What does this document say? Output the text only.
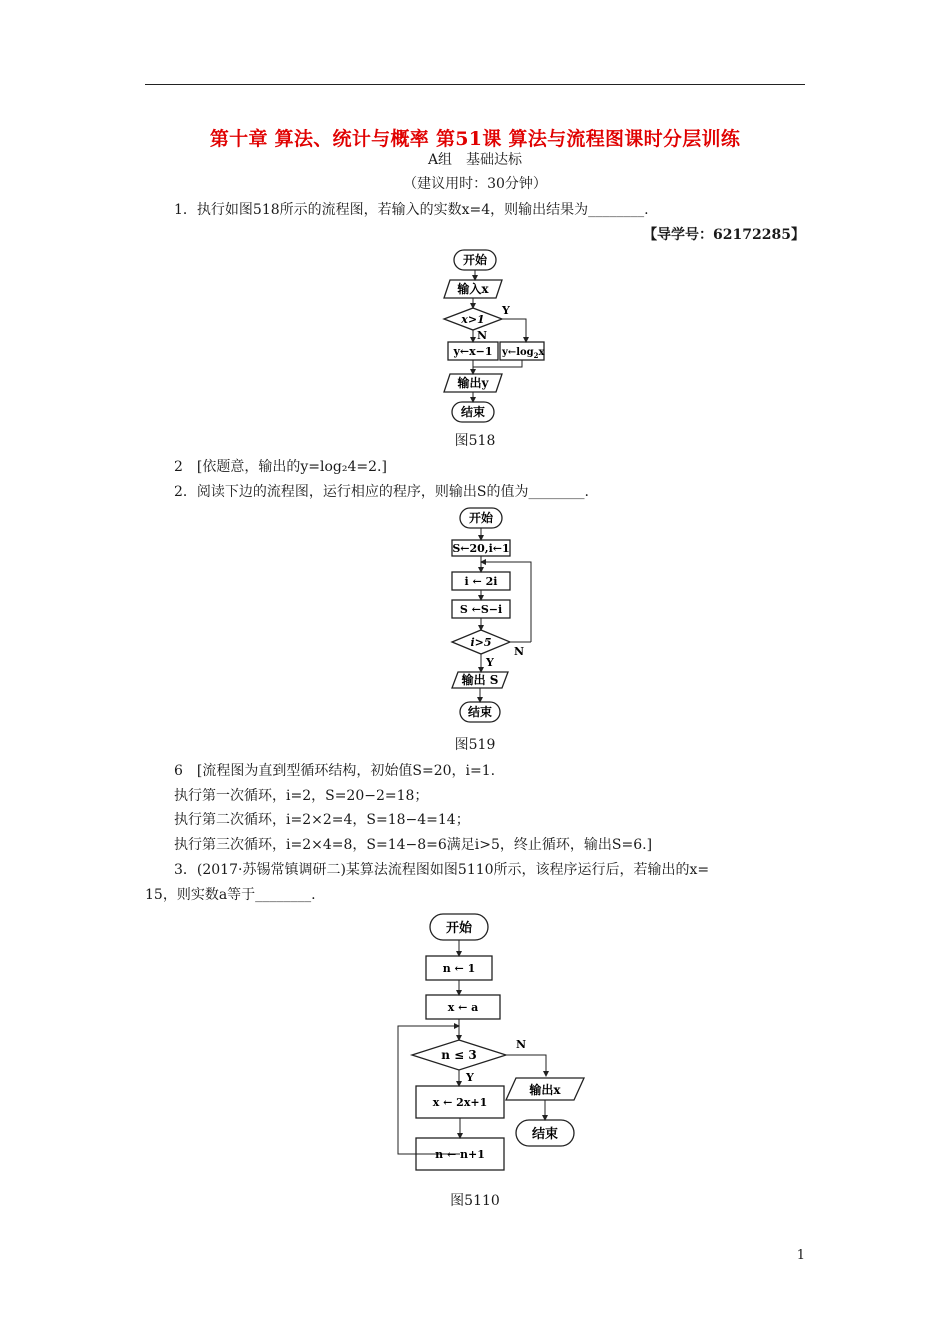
第十章 算法、统计与概率 第51课 算法与流程图课时分层训练
A组　基础达标
（建议用时：30分钟）
1．执行如图518所示的流程图，若输入的实数x=4，则输出结果为________.
【导学号：62172285】
开始
输入x
x>1
Y
N
y←x−1 $y\leftarrow\log_2x$
输出y
结束
图518
2　[依题意，输出的y=log₂4=2.]
2．阅读下边的流程图，运行相应的程序，则输出S的值为________.
开始
S←20,i←1
i ← 2i
S ←S−i
i>5
N
Y
输出 S
结束
图519
6　[流程图为直到型循环结构，初始值S=20，i=1.
执行第一次循环，i=2，S=20−2=18；
执行第二次循环，i=2×2=4，S=18−4=14；
执行第三次循环，i=2×4=8，S=14−8=6满足i>5，终止循环，输出S=6.]
3．(2017·苏锡常镇调研二)某算法流程图如图5110所示，该程序运行后，若输出的x=
15，则实数a等于________.
开始
n ← 1
x ← a
n ≤ 3
N
Y
输出x
结束
x ← 2x+1
n ← n+1
图5110
1
